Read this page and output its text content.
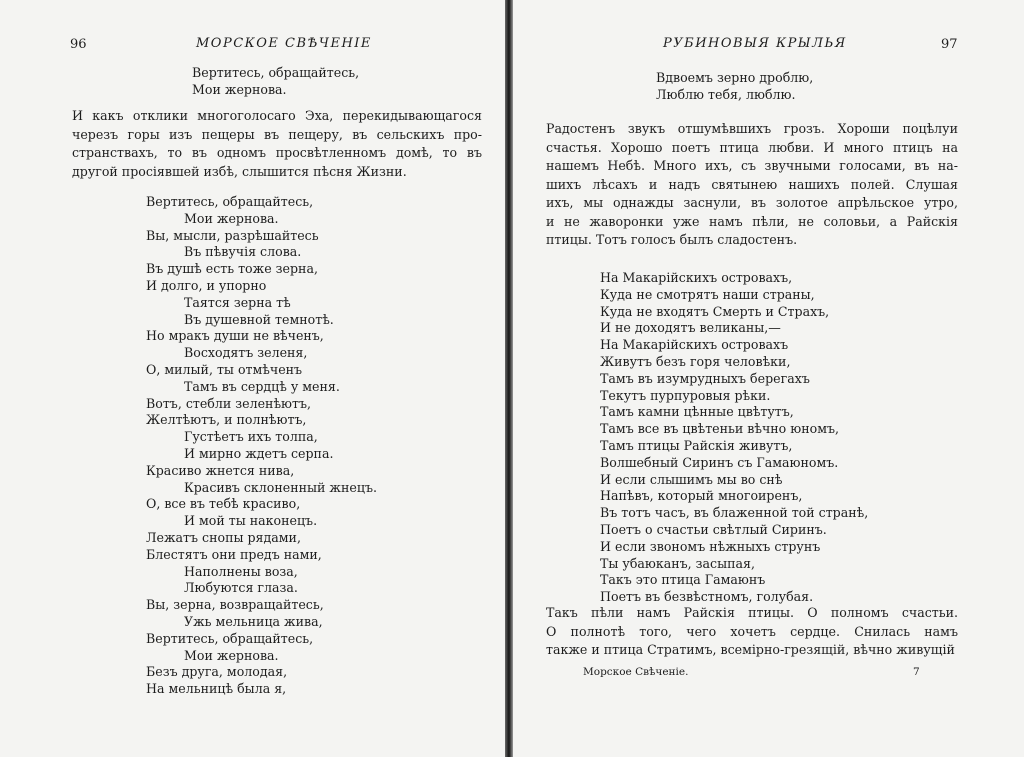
96	МОРСКОЕ СВѢЧЕНIЕ
Вертитесь, обращайтесь,
Мои жернова.
И какъ отклики многоголосаго Эха, перекидывающагося
черезъ горы изъ пещеры въ пещеру, въ сельскихъ про-
странствахъ, то въ одномъ просвѣтленномъ домѣ, то въ
другой просiявшей избѣ, слышится пѣсня Жизни.
Вертитесь, обращайтесь,
Мои жернова.
Вы, мысли, разрѣшайтесь
Въ пѣвучiя слова.
Въ душѣ есть тоже зерна,
И долго, и упорно
Таятся зерна тѣ
Въ душевной темнотѣ.
Но мракъ души не вѣченъ,
Восходятъ зеленя,
О, милый, ты отмѣченъ
Тамъ въ сердцѣ у меня.
Вотъ, стебли зеленѣютъ,
Желтѣютъ, и полнѣютъ,
Густѣетъ ихъ толпа,
И мирно ждетъ серпа.
Красиво жнется нива,
Красивъ склоненный жнецъ.
О, все въ тебѣ красиво,
И мой ты наконецъ.
Лежатъ снопы рядами,
Блестятъ они предъ нами,
Наполнены воза,
Любуются глаза.
Вы, зерна, возвращайтесь,
Ужь мельница жива,
Вертитесь, обращайтесь,
Мои жернова.
Безъ друга, молодая,
На мельницѣ была я,
РУБИНОВЫЯ КРЫЛЬЯ	97
Вдвоемъ зерно дроблю,
Люблю тебя, люблю.
Радостенъ звукъ отшумѣвшихъ грозъ. Хороши поцѣлуи
счастья. Хорошо поетъ птица любви. И много птицъ на
нашемъ Небѣ. Много ихъ, съ звучными голосами, въ на-
шихъ лѣсахъ и надъ святынею нашихъ полей. Слушая
ихъ, мы однажды заснули, въ золотое апрѣльское утро,
и не жаворонки уже намъ пѣли, не соловьи, а Райскiя
птицы. Тотъ голосъ былъ сладостенъ.
На Макарiйскихъ островахъ,
Куда не смотрятъ наши страны,
Куда не входятъ Смерть и Страхъ,
И не доходятъ великаны,—
На Макарiйскихъ островахъ
Живутъ безъ горя человѣки,
Тамъ въ изумрудныхъ берегахъ
Текутъ пурпуровыя рѣки.
Тамъ камни цѣнные цвѣтутъ,
Тамъ все въ цвѣтеньи вѣчно юномъ,
Тамъ птицы Райскiя живутъ,
Волшебный Сиринъ съ Гамаюномъ.
И если слышимъ мы во снѣ
Напѣвъ, который многоиренъ,
Въ тотъ часъ, въ блаженной той странѣ,
Поетъ о счастьи свѣтлый Сиринъ.
И если звономъ нѣжныхъ струнъ
Ты убаюканъ, засыпая,
Такъ это птица Гамаюнъ
Поетъ въ безвѣстномъ, голубая.
Такъ пѣли намъ Райскiя птицы. О полномъ счастьи.
О полнотѣ того, чего хочетъ сердце. Снилась намъ
также и птица Стратимъ, всемiрно-грезящiй, вѣчно живущiй
Морское Свѣченiе.	7
